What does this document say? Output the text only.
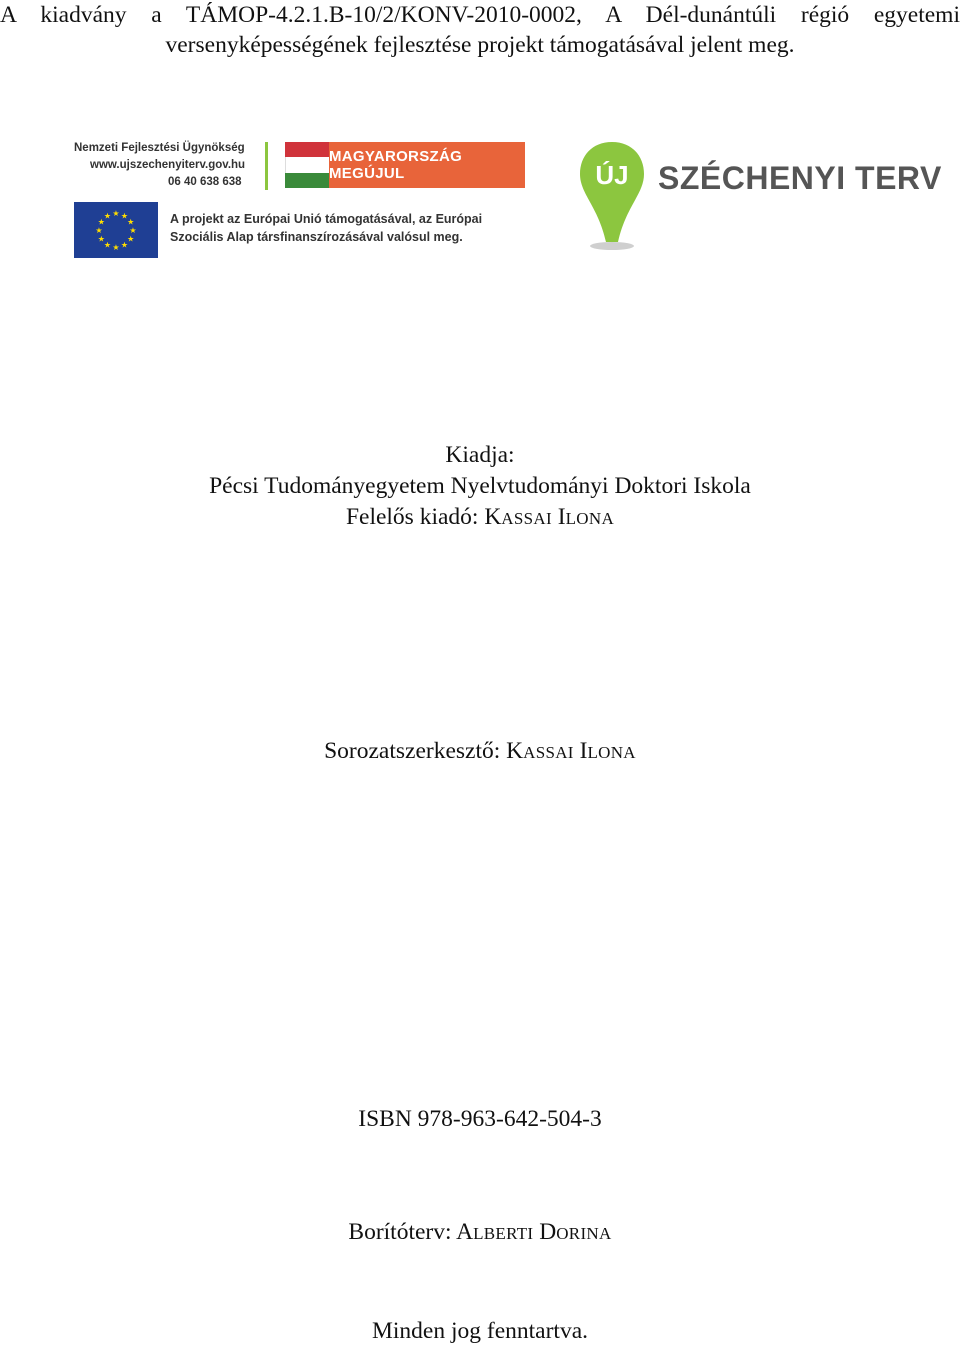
A kiadvány a TÁMOP-4.2.1.B-10/2/KONV-2010-0002, A Dél-dunántúli régió egyetemi
versenyképességének fejlesztése projekt támogatásával jelent meg.
Nemzeti Fejlesztési Ügynökség
www.ujszechenyiterv.gov.hu
06 40 638 638
MAGYARORSZÁG MEGÚJUL
★ ★
★
★
★
★
★
★
★
★
★
★	A projekt az Európai Unió támogatásával, az Európai
Szociális Alap társfinanszírozásával valósul meg.
ÚJ SZÉCHENYI TERV
Kiadja:
Pécsi Tudományegyetem Nyelvtudományi Doktori Iskola
Felelős kiadó: KASSAI ILONA
Sorozatszerkesztő: KASSAI ILONA
ISBN 978-963-642-504-3
Borítóterv: ALBERTI DORINA
Minden jog fenntartva.
